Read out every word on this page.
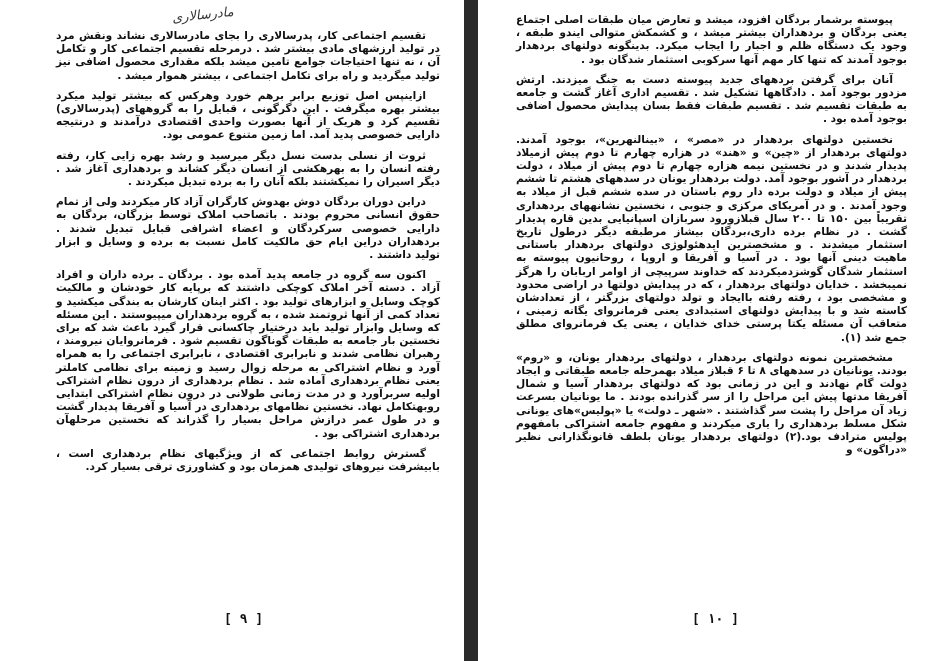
مادرسالاری

تقسیم اجتماعی کار، پدرسالاری را بجای مادرسالاری نشاند ونقش مرد در تولید ارزشهای مادی بیشتر شد . درمرحله تقسیم اجتماعی کار و تکامل آن ، نه تنها احتیاجات جوامع تامین میشد بلکه مقداری محصول اضافی نیز تولید میگردید و راه برای تکامل اجتماعی ، بیشتر هموار میشد .

ازاینپس اصل توزیع برابر برهم خورد وهرکس که بیشتر تولید میکرد بیشتر بهره میگرفت . این دگرگونی ، قبایل را به گروههای (پدرسالاری) تقسیم کرد و هریک از آنها بصورت واحدی اقتصادی درآمدند و درنتیجه دارایی خصوصی پدید آمد. اما زمین متنوع عمومی بود.

ثروت از نسلی بدست نسل دیگر میرسید و رشد بهره زایی کار، رفته رفته انسان را به بهرهکشی از انسان دیگر کشاند و بردهداری آغاز شد . دیگر اسیران را نمیکشتند بلکه آنان را به برده تبدیل میکردند .

دراین دوران بردگان دوش بهدوش کارگران آزاد کار میکردند ولی از تمام حقوق انسانی محروم بودند . باتصاحب املاک توسط بزرگان، بردگان به دارایی خصوصی سرکردگان و اعضاء اشرافی قبایل تبدیل شدند . بردهداران دراین ایام حق مالکیت کامل نسبت به برده و وسایل و ابزار تولید داشتند .

اکنون سه گروه در جامعه پدید آمده بود . بردگان ـ برده داران و افراد آزاد . دسته آخر املاک کوچکی داشتند که برپایه کار خودشان و مالکیت کوچک وسایل و ابزارهای تولید بود . اکثر اینان کارشان به بندگی میکشید و تعداد کمی از آنها ثروتمند شده ، به گروه بردهداران میپیوستند . این مسئله که وسایل وابزار تولید باید درختیار چاکسانی قرار گیرد باعث شد که برای نخستین بار جامعه به طبقات گوناگون تقسیم شود . فرمانروایان نیرومند ، رهبران نظامی شدند و نابرابری اقتصادی ، نابرابری اجتماعی را به همراه آورد و نظام اشتراکی به مرحله زوال رسید و زمینه برای نظامی کاملتر یعنی نظام بردهداری آماده شد . نظام بردهداری از درون نظام اشتراکی اولیه سربرآورد و در مدت زمانی طولانی در درون نظام اشتراکی ابتدایی روبهتکامل نهاد. نخستین نظامهای بردهداری در آسیا و آفریقا پدیدار گشت و در طول عمر درازش مراحل بسیار را گذراند که نخستین مرحلهآن بردهداری اشتراکی بود .

گسترش روابط اجتماعی که از ویژگیهای نظام بردهداری است ، بابیشرفت نیروهای تولیدی همزمان بود و کشاورزی ترقی بسیار کرد.

[ ۹ ]

پیوسته برشمار بردگان افزود، میشد و تعارض میان طبقات اصلی اجتماع یعنی بردگان و بردهداران بیشتر میشد ، و کشمکش متوالی ایندو طبقه ، وجود یک دستگاه ظلم و اجبار را ایجاب میکرد. بدینگونه دولتهای بردهدار بوجود آمدند که تنها کار مهم آنها سرکوبی استثمار شدگان بود .

آنان برای گرفتن بردههای جدید پیوسته دست به جنگ میزدند. ارتش مزدور بوجود آمد . دادگاهها تشکیل شد . تقسیم اداری آغاز گشت و جامعه به طبقات تقسیم شد . تقسیم طبقات فقط بسان پیدایش محصول اضافی بوجود آمده بود .

نخستین دولتهای بردهدار در «مصر» ، «بینالنهرین»، بوجود آمدند. دولتهای بردهدار از «چین» و «هند» در هزاره چهارم تا دوم پیش ازمیلاد پدیدار شدند و در نخستین نیمه هزاره چهارم تا دوم پیش از میلاد ، دولت بردهدار در آشور بوجود آمد. دولت بردهدار یونان در سدههای هشتم تا ششم پیش از میلاد و دولت برده دار روم باستان در سده ششم قبل از میلاد به وجود آمدند . و در آمریکای مرکزی و جنوبی ، نخستین نشانههای بردهداری تقریباً بین ۱۵۰ تا ۲۰۰ سال قبلازورود سربازان اسپانیایی بدین قاره پدیدار گشت . در نظام برده داری،بردگان بیشاز مرطبقه دیگر درطول تاریخ استثمار میشدند . و مشخصترین ایدهئولوژی دولتهای بردهدار باستانی ماهیت دینی آنها بود . در آسیا و آفریقا و اروپا ، روحانیون پیوسته به استثمار شدگان گوشزدمیکردند که خداوند سرپیچی از اوامر اربابان را هرگز نمیبخشد . خدایان دولتهای بردهدار ، که در پیدایش دولتها در اراضی محدود و مشخصی بود ، رفته رفته باایجاد و تولد دولتهای بزرگتر ، از تعدادشان کاسته شد و با پیدایش دولتهای استبدادی یعنی فرمانروای یگانه زمینی ، متعاقب آن مسئله یکتا پرستی خدای خدایان ، یعنی یک فرمانروای مطلق جمع شد (۱).

مشخصترین نمونه دولتهای بردهدار ، دولتهای بردهدار یونان، و «روم» بودند. یونانیان در سدههای ۸ تا ۶ قبلاز میلاد بهمرحله جامعه طبقاتی و ایجاد دولت گام نهادند و این در زمانی بود که دولتهای بردهدار آسیا و شمال آفریقا مدتها پیش این مراحل را از سر گذرانده بودند . ما یونانیان بسرعت زیاد آن مراحل را پشت سر گذاشتند . «شهر ـ دولت» یا «پولیس»های یونانی شکل مسلط بردهداری را یاری میکردند و مفهوم جامعه اشتراکی بامفهوم پولیس مترادف بود.(۲) دولتهای بردهدار یونان بلطف قانونگذارانی نظیر «دراگون» و

[ ۱۰ ]
